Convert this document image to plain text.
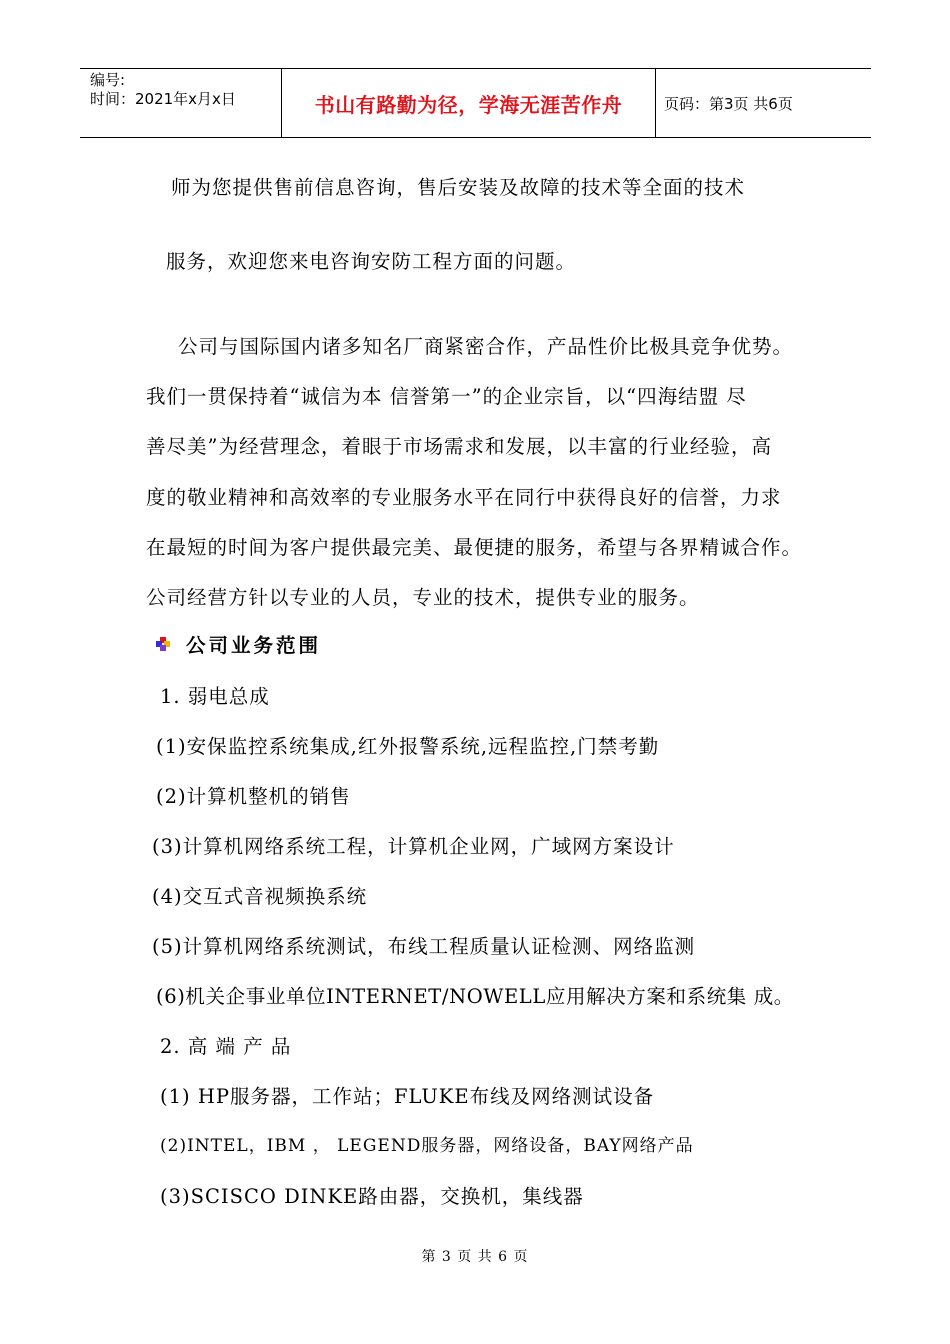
编号:
时间：2021年x月x日	书山有路勤为径，学海无涯苦作舟	页码：第3页 共6页
师为您提供售前信息咨询，售后安装及故障的技术等全面的技术
服务，欢迎您来电咨询安防工程方面的问题。
公司与国际国内诸多知名厂商紧密合作，产品性价比极具竞争优势。
我们一贯保持着“诚信为本 信誉第一”的企业宗旨，以“四海结盟 尽
善尽美”为经营理念，着眼于市场需求和发展，以丰富的行业经验，高
度的敬业精神和高效率的专业服务水平在同行中获得良好的信誉，力求
在最短的时间为客户提供最完美、最便捷的服务，希望与各界精诚合作。
公司经营方针以专业的人员，专业的技术，提供专业的服务。
公司业务范围
1. 弱电总成
(1)安保监控系统集成,红外报警系统,远程监控,门禁考勤
(2)计算机整机的销售
(3)计算机网络系统工程，计算机企业网，广域网方案设计
(4)交互式音视频换系统
(5)计算机网络系统测试，布线工程质量认证检测、网络监测
(6)机关企事业单位INTERNET/NOWELL应用解决方案和系统集 成。
2. 高 端 产 品
(1) HP服务器，工作站；FLUKE布线及网络测试设备
(2)INTEL，IBM ， LEGEND服务器，网络设备，BAY网络产品
(3)SCISCO DINKE路由器，交换机，集线器
第 3 页 共 6 页
